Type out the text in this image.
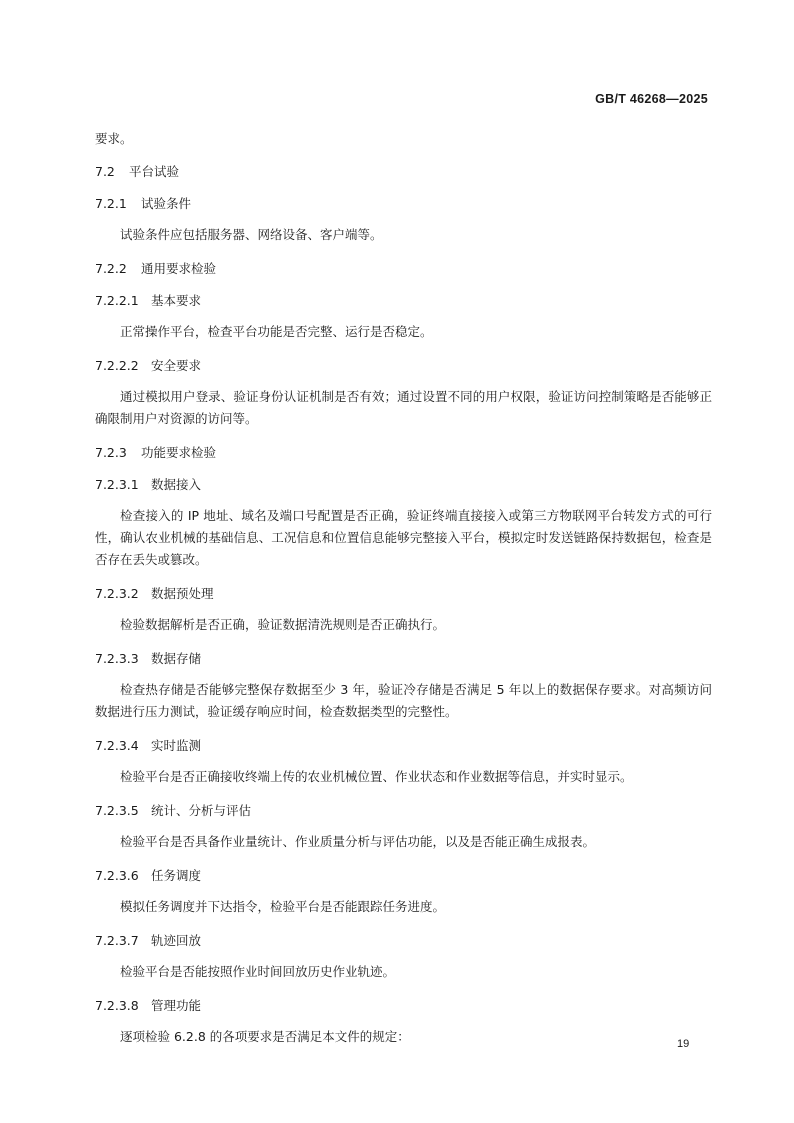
GB/T 46268—2025

要求。

7.2	平台试验
7.2.1	试验条件

试验条件应包括服务器、网络设备、客户端等。

7.2.2	通用要求检验
7.2.2.1 基本要求

正常操作平台，检查平台功能是否完整、运行是否稳定。

7.2.2.2 安全要求

通过模拟用户登录、验证身份认证机制是否有效；通过设置不同的用户权限，验证访问控制策略是否能够正确限制用户对资源的访问等。

7.2.3	功能要求检验
7.2.3.1 数据接入

检查接入的 IP 地址、域名及端口号配置是否正确，验证终端直接接入或第三方物联网平台转发方式的可行性，确认农业机械的基础信息、工况信息和位置信息能够完整接入平台，模拟定时发送链路保持数据包，检查是否存在丢失或篡改。

7.2.3.2 数据预处理

检验数据解析是否正确，验证数据清洗规则是否正确执行。

7.2.3.3 数据存储

检查热存储是否能够完整保存数据至少 3 年，验证冷存储是否满足 5 年以上的数据保存要求。对高频访问数据进行压力测试，验证缓存响应时间，检查数据类型的完整性。

7.2.3.4 实时监测

检验平台是否正确接收终端上传的农业机械位置、作业状态和作业数据等信息，并实时显示。

7.2.3.5 统计、分析与评估

检验平台是否具备作业量统计、作业质量分析与评估功能，以及是否能正确生成报表。

7.2.3.6 任务调度

模拟任务调度并下达指令，检验平台是否能跟踪任务进度。

7.2.3.7 轨迹回放

检验平台是否能按照作业时间回放历史作业轨迹。

7.2.3.8 管理功能

逐项检验 6.2.8 的各项要求是否满足本文件的规定：	19
